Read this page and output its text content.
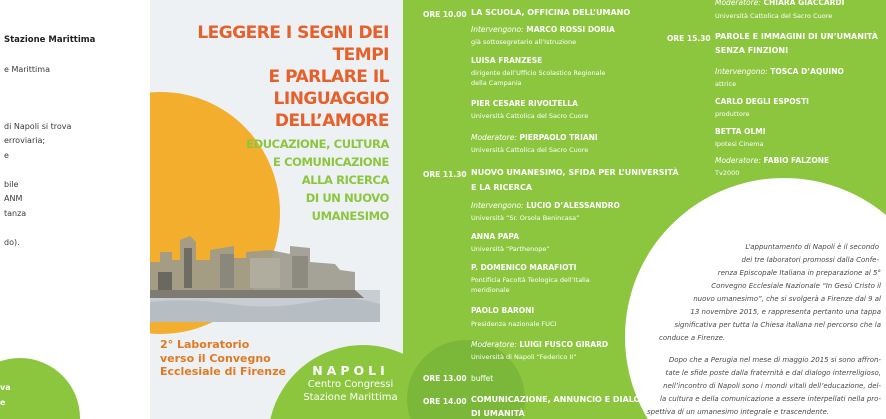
Stazione Marittima
e Marittima
di Napoli si trova
erroviaria;
e
bile
ANM
tanza
do).
va
e
LEGGERE I SEGNI DEI TEMPI
E PARLARE IL LINGUAGGIO
DELL’AMORE
EDUCAZIONE, CULTURA
E COMUNICAZIONE
ALLA RICERCA
DI UN NUOVO UMANESIMO
2° Laboratorio
verso il Convegno
Ecclesiale di Firenze	NAPOLI
Centro Congressi
Stazione Marittima
ORE 10.00 LA SCUOLA, OFFICINA DELL’UMANO
Intervengono: MARCO ROSSI DORIA
già sottosegretario all’Istruzione
LUISA FRANZESE
dirigente dell’Ufficio Scolastico Regionale
della Campania
PIER CESARE RIVOLTELLA
Università Cattolica del Sacro Cuore
Moderatore: PIERPAOLO TRIANI
Università Cattolica del Sacro Cuore
ORE 11.30 NUOVO UMANESIMO, SFIDA PER L’UNIVERSITÀ
E LA RICERCA
Intervengono: LUCIO D’ALESSANDRO
Università “Sr. Orsola Benincasa”
ANNA PAPA
Università “Parthenope”
P. DOMENICO MARAFIOTI
Pontificia Facoltà Teologica dell’Italia
meridionale
PAOLO BARONI
Presidenza nazionale FUCI
Moderatore: LUIGI FUSCO GIRARD
Università di Napoli “Federico II”
ORE 13.00 buffet
ORE 14.00 COMUNICAZIONE, ANNUNCIO E DIALOGO
DI UMANITÀ
Moderatore: CHIARA GIACCARDI
Università Cattolica del Sacro Cuore
ORE 15.30 PAROLE E IMMAGINI DI UN’UMANITÀ
SENZA FINZIONI
Intervengono: TOSCA D’AQUINO
attrice
CARLO DEGLI ESPOSTI
produttore
BETTA OLMI
Ipotesi Cinema
Moderatore: FABIO FALZONE
Tv2000
L’appuntamento di Napoli è il secondo
dei tre laboratori promossi dalla Confe-
renza Episcopale Italiana in preparazione al 5°
Convegno Ecclesiale Nazionale “In Gesù Cristo il
nuovo umanesimo”, che si svolgerà a Firenze dal 9 al
13 novembre 2015, e rappresenta pertanto una tappa
significativa per tutta la Chiesa italiana nel percorso che la
conduce a Firenze.
Dopo che a Perugia nel mese di maggio 2015 si sono affron-
tate le sfide poste dalla fraternità e dal dialogo interreligioso,
nell’incontro di Napoli sono i mondi vitali dell’educazione, del-
la cultura e della comunicazione a essere interpellati nella pro-
spettiva di un umanesimo integrale e trascendente.
